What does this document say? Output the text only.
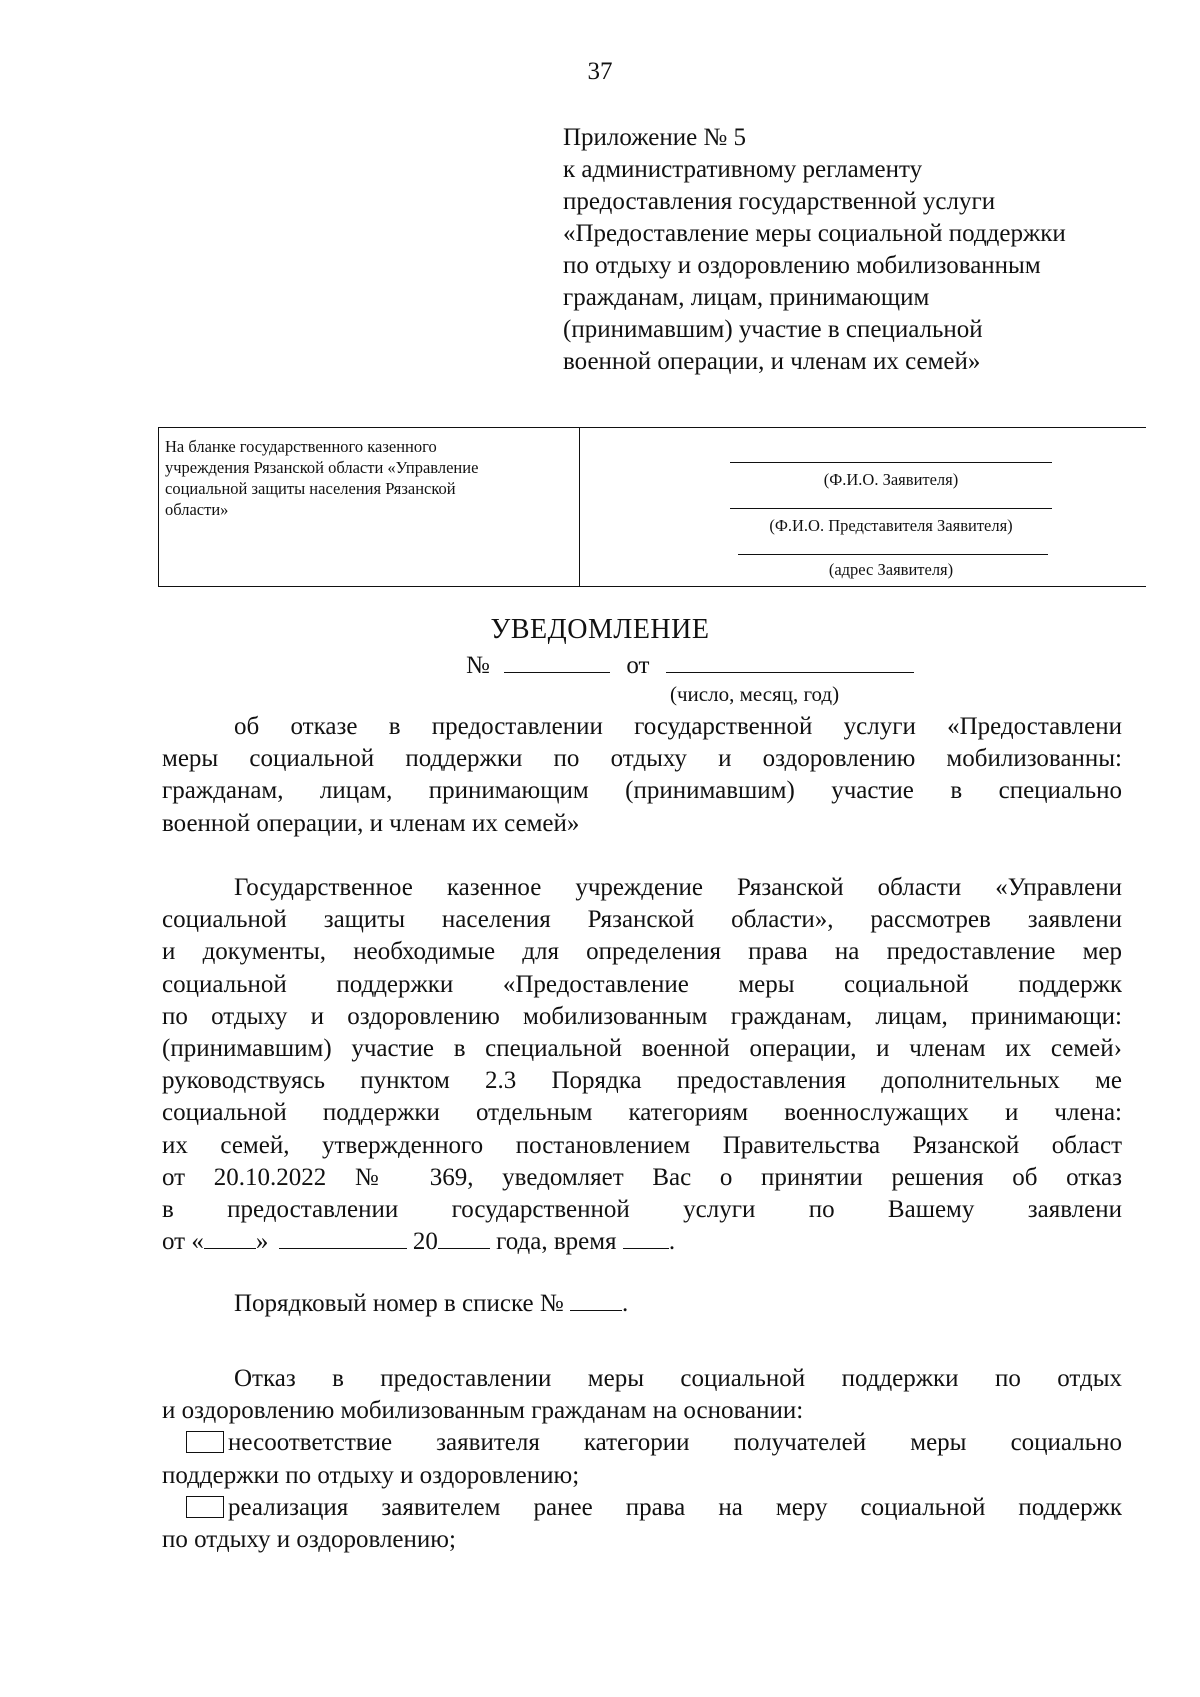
37
Приложение № 5
к административному регламенту
предоставления государственной услуги
«Предоставление меры социальной поддержки
по отдыху и оздоровлению мобилизованным
гражданам, лицам, принимающим
(принимавшим) участие в специальной
военной операции, и членам их семей»
На бланке государственного казенного
учреждения Рязанской области «Управление
социальной защиты населения Рязанской
области»
(Ф.И.О. Заявителя)
(Ф.И.О. Представителя Заявителя)
(адрес Заявителя)
УВЕДОМЛЕНИЕ
№	от
(число, месяц, год)
об отказе в предоставлении государственной услуги «Предоставлени
меры социальной поддержки по отдыху и оздоровлению мобилизованны:
гражданам, лицам, принимающим (принимавшим) участие в специально
военной операции, и членам их семей»
Государственное казенное учреждение Рязанской области «Управлени
социальной защиты населения Рязанской области», рассмотрев заявлени
и документы, необходимые для определения права на предоставление мер
социальной поддержки «Предоставление меры социальной поддержк
по отдыху и оздоровлению мобилизованным гражданам, лицам, принимающи:
(принимавшим) участие в специальной военной операции, и членам их семей›
руководствуясь пунктом 2.3 Порядка предоставления дополнительных ме
социальной поддержки отдельным категориям военнослужащих и члена:
их семей, утвержденного постановлением Правительства Рязанской област
от 20.10.2022 № 369, уведомляет Вас о принятии решения об отказ
в предоставлении государственной услуги по Вашему заявлени
от « »	20 года, время .
Порядковый номер в списке № .
Отказ в предоставлении меры социальной поддержки по отдых
и оздоровлению мобилизованным гражданам на основании:
несоответствие заявителя категории получателей меры социально
поддержки по отдыху и оздоровлению;
реализация заявителем ранее права на меру социальной поддержк
по отдыху и оздоровлению;
